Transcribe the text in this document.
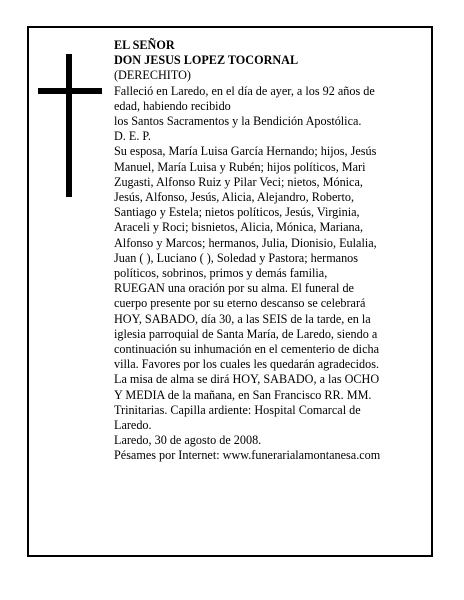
EL SEÑOR
DON JESUS LOPEZ TOCORNAL
(DERECHITO)
Falleció en Laredo, en el día de ayer, a los 92 años de
edad, habiendo recibido
los Santos Sacramentos y la Bendición Apostólica.
D. E. P.
Su esposa, María Luisa García Hernando; hijos, Jesús
Manuel, María Luisa y Rubén; hijos políticos, Mari
Zugasti, Alfonso Ruiz y Pilar Veci; nietos, Mónica,
Jesús, Alfonso, Jesús, Alicia, Alejandro, Roberto,
Santiago y Estela; nietos políticos, Jesús, Virginia,
Araceli y Roci; bisnietos, Alicia, Mónica, Mariana,
Alfonso y Marcos; hermanos, Julia, Dionisio, Eulalia,
Juan ( ), Luciano ( ), Soledad y Pastora; hermanos
políticos, sobrinos, primos y demás familia,
RUEGAN una oración por su alma. El funeral de
cuerpo presente por su eterno descanso se celebrará
HOY, SABADO, día 30, a las SEIS de la tarde, en la
iglesia parroquial de Santa María, de Laredo, siendo a
continuación su inhumación en el cementerio de dicha
villa. Favores por los cuales les quedarán agradecidos.
La misa de alma se dirá HOY, SABADO, a las OCHO
Y MEDIA de la mañana, en San Francisco RR. MM.
Trinitarias. Capilla ardiente: Hospital Comarcal de
Laredo.
Laredo, 30 de agosto de 2008.
Pésames por Internet: www.funerarialamontanesa.com
